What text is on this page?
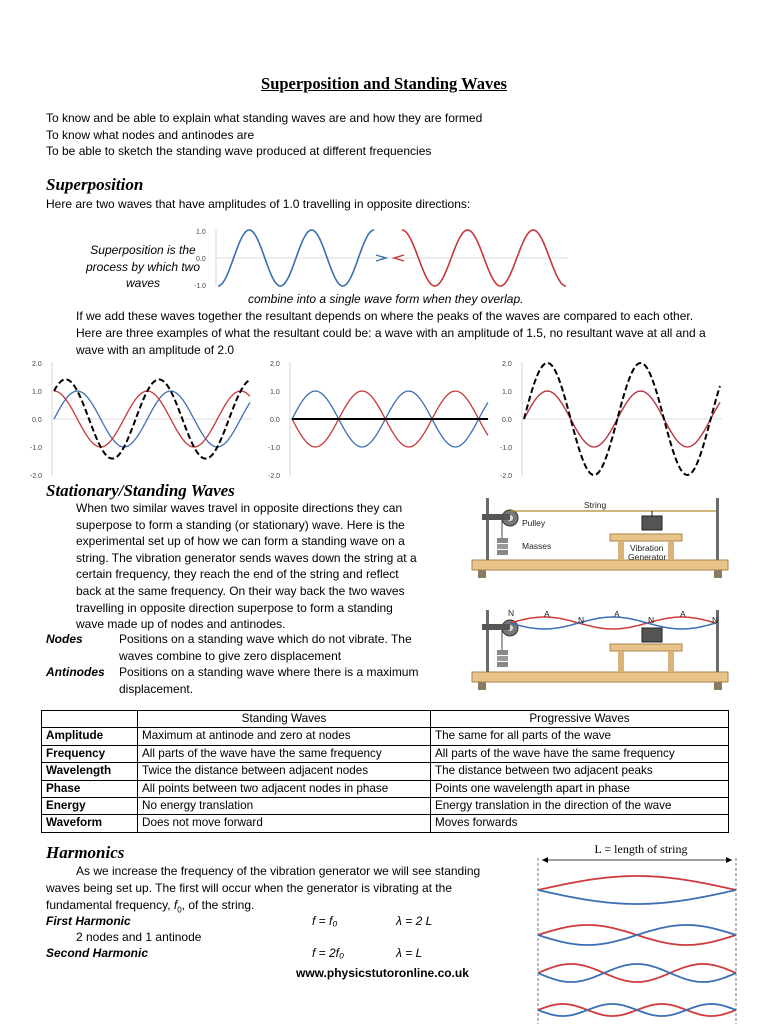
Superposition and Standing Waves
To know and be able to explain what standing waves are and how they are formed
To know what nodes and antinodes are
To be able to sketch the standing wave produced at different frequencies
Superposition
Here are two waves that have amplitudes of 1.0 travelling in opposite directions:
Superposition is the process by which two waves
1.0
0.0
-1.0
combine into a single wave form when they overlap.
If we add these waves together the resultant depends on where the peaks of the waves are compared to each other. Here are three examples of what the resultant could be: a wave with an amplitude of 1.5, no resultant wave at all and a wave with an amplitude of 2.0
2.0
1.0
0.0
-1.0
-2.0
2.0
1.0
0.0
-1.0
-2.0
2.0
1.0
0.0
-1.0
-2.0
Stationary/Standing Waves
When two similar waves travel in opposite directions they can
superpose to form a standing (or stationary) wave. Here is the
experimental set up of how we can form a standing wave on a
string. The vibration generator sends waves down the string at a
certain frequency, they reach the end of the string and reflect
back at the same frequency. On their way back the two waves
travelling in opposite direction superpose to form a standing
wave made up of nodes and antinodes.
Nodes	Positions on a standing wave which do not vibrate. The
waves combine to give zero displacement
Antinodes Positions on a standing wave where there is a maximum
displacement.
String
Pulley
Masses	Vibration
Generator
N	A
N
A
N
A
N
	Standing Waves	Progressive Waves
Amplitude	Maximum at antinode and zero at nodes	The same for all parts of the wave
Frequency	All parts of the wave have the same frequency	All parts of the wave have the same frequency
Wavelength	Twice the distance between adjacent nodes	The distance between two adjacent peaks
Phase	All points between two adjacent nodes in phase	Points one wavelength apart in phase
Energy	No energy translation	Energy translation in the direction of the wave
Waveform	Does not move forward	Moves forwards
Harmonics
As we increase the frequency of the vibration generator we will see standing
waves being set up. The first will occur when the generator is vibrating at the
fundamental frequency, $f_0$, of the string.
First Harmonic	f = f₀	λ = 2 L
2 nodes and 1 antinode
Second Harmonic	f = 2f₀	λ = L
www.physicstutoronline.co.uk
L = length of string
